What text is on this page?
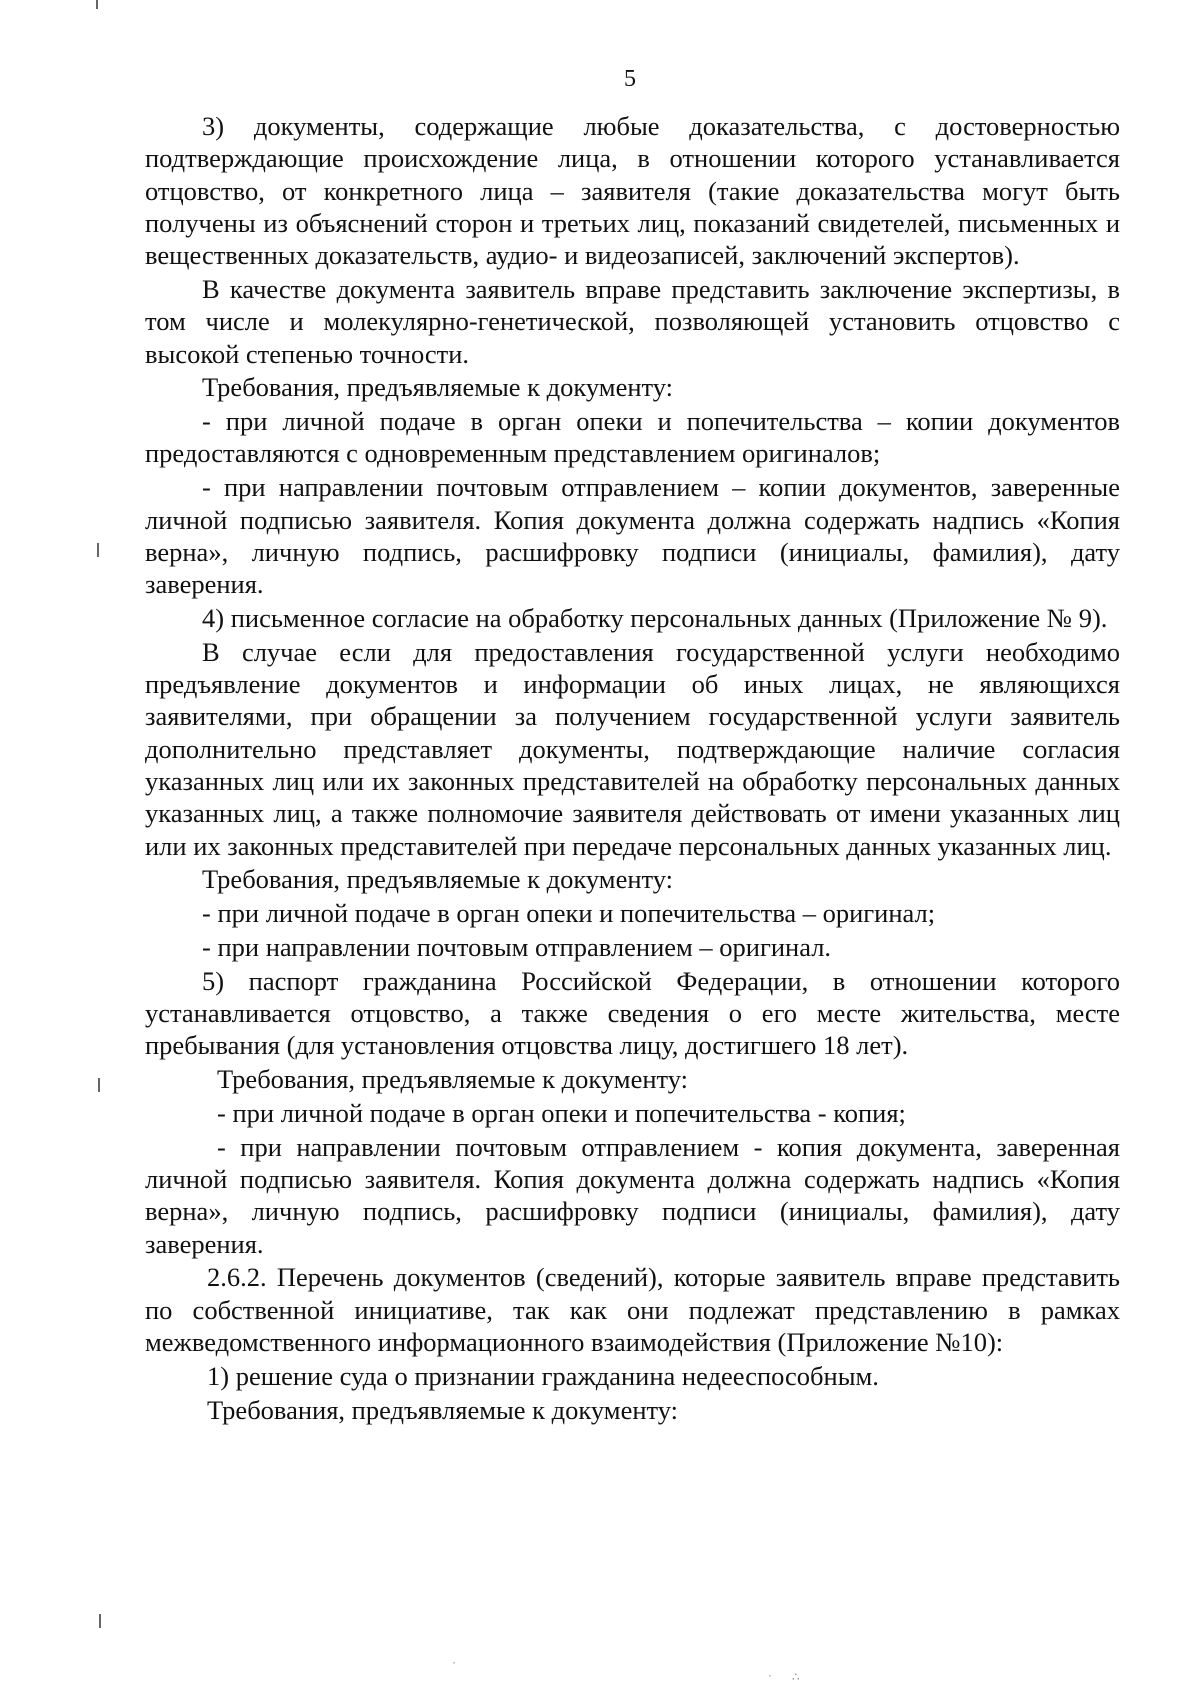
· ∴
·
5

3) документы, содержащие любые доказательства, с достоверностью подтверждающие происхождение лица, в отношении которого устанавливается отцовство, от конкретного лица – заявителя (такие доказательства могут быть получены из объяснений сторон и третьих лиц, показаний свидетелей, письменных и вещественных доказательств, аудио- и видеозаписей, заключений экспертов).

В качестве документа заявитель вправе представить заключение экспертизы, в том числе и молекулярно-генетической, позволяющей установить отцовство с высокой степенью точности.

Требования, предъявляемые к документу:

- при личной подаче в орган опеки и попечительства – копии документов предоставляются с одновременным представлением оригиналов;

- при направлении почтовым отправлением – копии документов, заверенные личной подписью заявителя. Копия документа должна содержать надпись «Копия верна», личную подпись, расшифровку подписи (инициалы, фамилия), дату заверения.

4) письменное согласие на обработку персональных данных (Приложение № 9).

В случае если для предоставления государственной услуги необходимо предъявление документов и информации об иных лицах, не являющихся заявителями, при обращении за получением государственной услуги заявитель дополнительно представляет документы, подтверждающие наличие согласия указанных лиц или их законных представителей на обработку персональных данных указанных лиц, а также полномочие заявителя действовать от имени указанных лиц или их законных представителей при передаче персональных данных указанных лиц.

Требования, предъявляемые к документу:

- при личной подаче в орган опеки и попечительства – оригинал;

- при направлении почтовым отправлением – оригинал.

5) паспорт гражданина Российской Федерации, в отношении которого устанавливается отцовство, а также сведения о его месте жительства, месте пребывания (для установления отцовства лицу, достигшего 18 лет).

Требования, предъявляемые к документу:

- при личной подаче в орган опеки и попечительства - копия;

- при направлении почтовым отправлением - копия документа, заверенная личной подписью заявителя. Копия документа должна содержать надпись «Копия верна», личную подпись, расшифровку подписи (инициалы, фамилия), дату заверения.

2.6.2. Перечень документов (сведений), которые заявитель вправе представить по собственной инициативе, так как они подлежат представлению в рамках межведомственного информационного взаимодействия (Приложение №10):

1) решение суда о признании гражданина недееспособным.

Требования, предъявляемые к документу:
